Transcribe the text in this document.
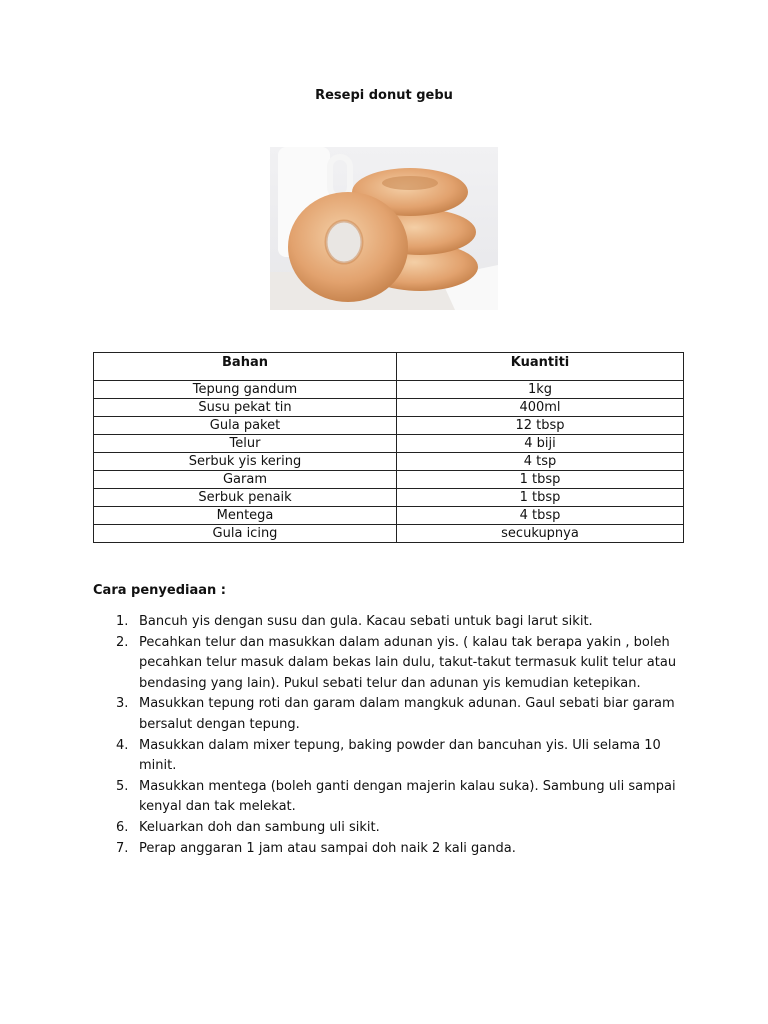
Resepi donut gebu
Bahan	Kuantiti
Tepung gandum	1kg
Susu pekat tin	400ml
Gula paket	12 tbsp
Telur	4 biji
Serbuk yis kering	4 tsp
Garam	1 tbsp
Serbuk penaik	1 tbsp
Mentega	4 tbsp
Gula icing	secukupnya
Cara penyediaan :
1. Bancuh yis dengan susu dan gula. Kacau sebati untuk bagi larut sikit.
2. Pecahkan telur dan masukkan dalam adunan yis. ( kalau tak berapa yakin , boleh pecahkan telur masuk dalam bekas lain dulu, takut-takut termasuk kulit telur atau bendasing yang lain). Pukul sebati telur dan adunan yis kemudian ketepikan.
3. Masukkan tepung roti dan garam dalam mangkuk adunan. Gaul sebati biar garam bersalut dengan tepung.
4. Masukkan dalam mixer tepung, baking powder dan bancuhan yis. Uli selama 10 minit.
5. Masukkan mentega (boleh ganti dengan majerin kalau suka). Sambung uli sampai kenyal dan tak melekat.
6. Keluarkan doh dan sambung uli sikit.
7. Perap anggaran 1 jam atau sampai doh naik 2 kali ganda.
